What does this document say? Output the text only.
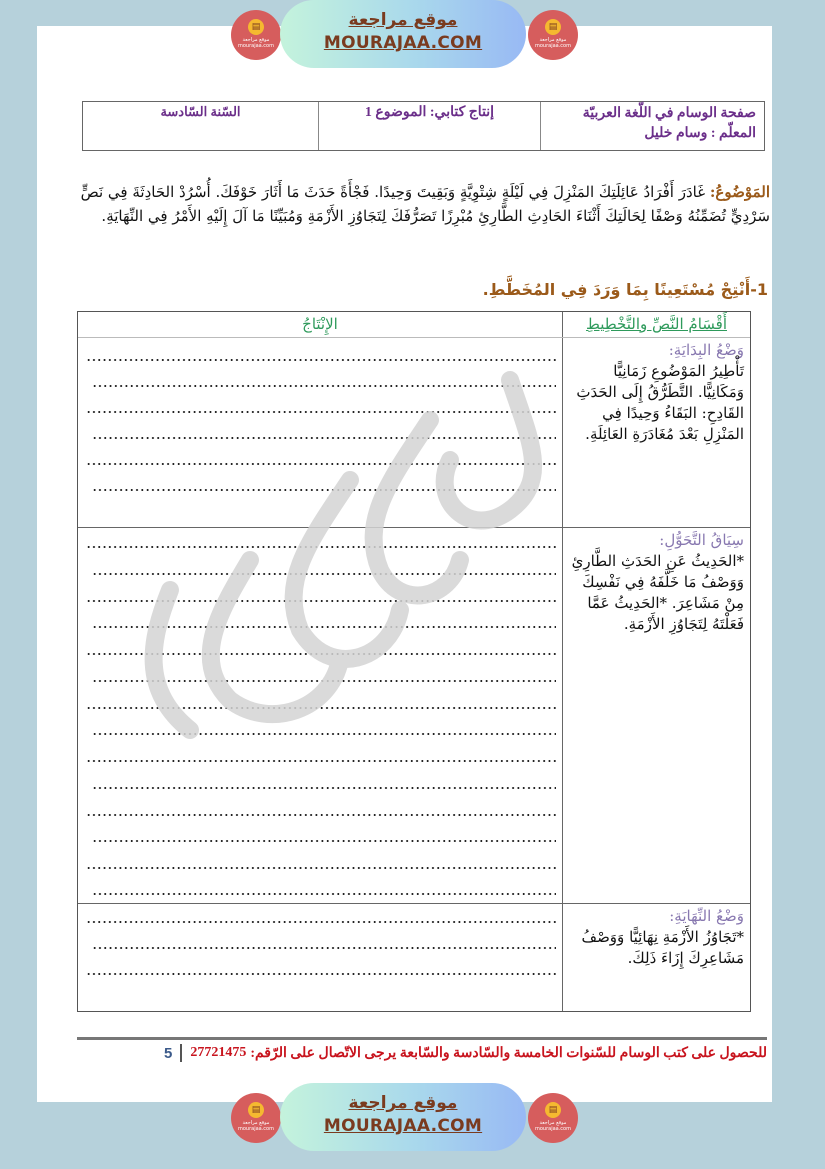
▤
موقع مراجعة mourajaa.com
موقع مراجعة
MOURAJAA.COM
▤
موقع مراجعة mourajaa.com
صفحة الوسام في اللّغة العربيّة
المعلّم : وسام خليل
إنتاج كتابي: الموضوع 1
السّنة السّادسة
المَوْضُوعُ: غَادَرَ أَفْرَادُ عَائِلَتِكَ المَنْزِلَ فِي لَيْلَةٍ شِتْوِيَّةٍ وَبَقِيتَ وَحِيدًا. فَجْأَةً حَدَثَ مَا أَثَارَ خَوْفَكَ. أُسْرُدْ الحَادِثَةَ فِي نَصٍّ سَرْدِيٍّ تُضَمِّنُهُ وَصْفًا لِحَالَتِكَ أَثْنَاءَ الحَادِثِ الطَّارِئِ مُبْرِزًا تَصَرُّفَكَ لِتَجَاوُزِ الأَزْمَةِ وَمُبَيِّنًا مَا آلَ إِلَيْهِ الأَمْرُ فِي النِّهَايَةِ.
1-أَنْتِجْ مُسْتَعِينًا بِمَا وَرَدَ فِي المُخَطَّطِ.
الإِنْتَاجُ	أَقْسَامُ النَّصِّ والتَّخْطِيطِ
وَضْعُ البِدَايَةِ:
تَأْطِيرُ المَوْضُوعِ زَمَانِيًّا وَمَكَانِيًّا. التَّطَرُّقُ إِلَى الحَدَثِ القَادِحِ: البَقَاءُ وَحِيدًا فِي المَنْزِلِ بَعْدَ مُغَادَرَةِ العَائِلَةِ.
سِيَاقُ التَّحَوُّلِ:
*الحَدِيثُ عَنِ الحَدَثِ الطَّارِئِ وَوَصْفُ مَا خَلَّفَهُ فِي نَفْسِكَ مِنْ مَشَاعِرَ. *الحَدِيثُ عَمَّا فَعَلْتَهُ لِتَجَاوُزِ الأَزْمَةِ.
وَضْعُ النِّهَايَةِ:
*تَجَاوُزُ الأَزْمَةِ نِهَائِيًّا وَوَصْفُ مَشَاعِرِكَ إِزَاءَ ذَلِكَ.
للحصول على كتب الوسام للسّنوات الخامسة والسّادسة والسّابعة يرجى الاتّصال على الرّقم:
27721475
5
▤
موقع مراجعة mourajaa.com
موقع مراجعة
MOURAJAA.COM
▤
موقع مراجعة mourajaa.com
